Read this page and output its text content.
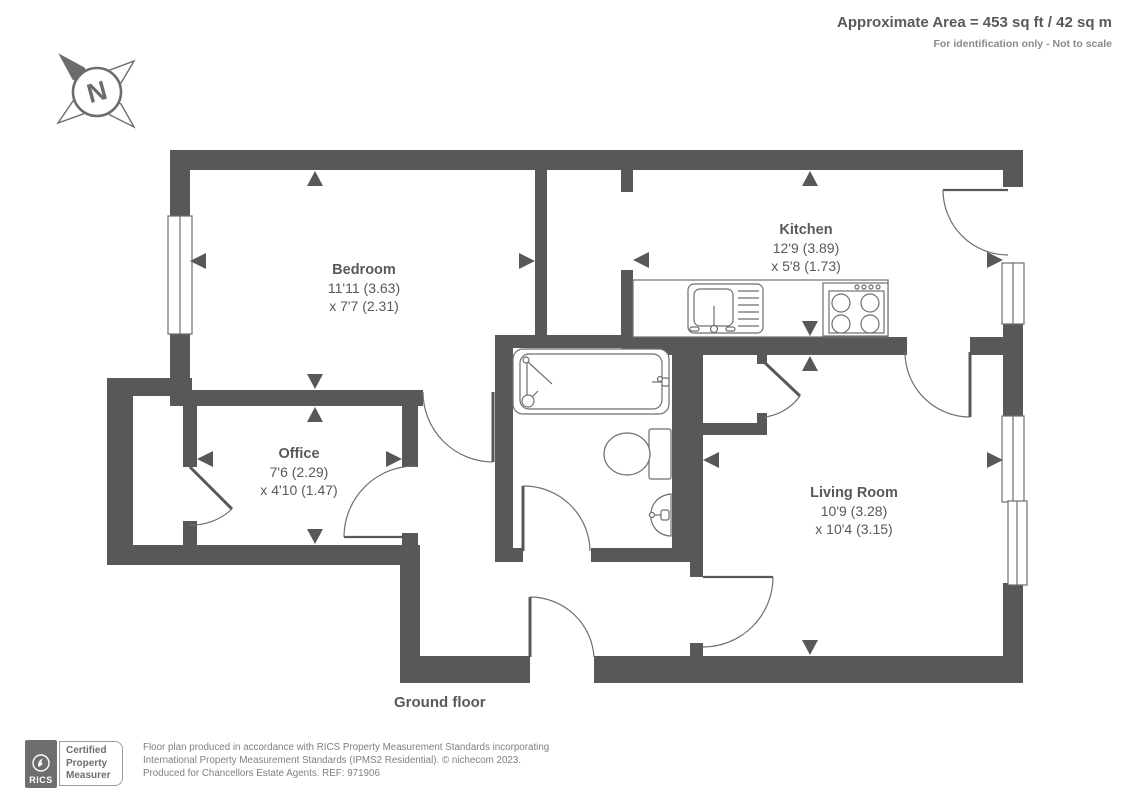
Approximate Area = 453 sq ft / 42 sq m
For identification only - Not to scale
N
Bedroom
11'11 (3.63)
x 7'7 (2.31)
Kitchen
12'9 (3.89)
x 5'8 (1.73)
Office
7'6 (2.29)
x 4'10 (1.47)	Living Room
10'9 (3.28)
x 10'4 (3.15)
Ground floor
RICS
Certified
Property
Measurer
Floor plan produced in accordance with RICS Property Measurement Standards incorporating
International Property Measurement Standards (IPMS2 Residential). © nichecom 2023.
Produced for Chancellors Estate Agents. REF: 971906
